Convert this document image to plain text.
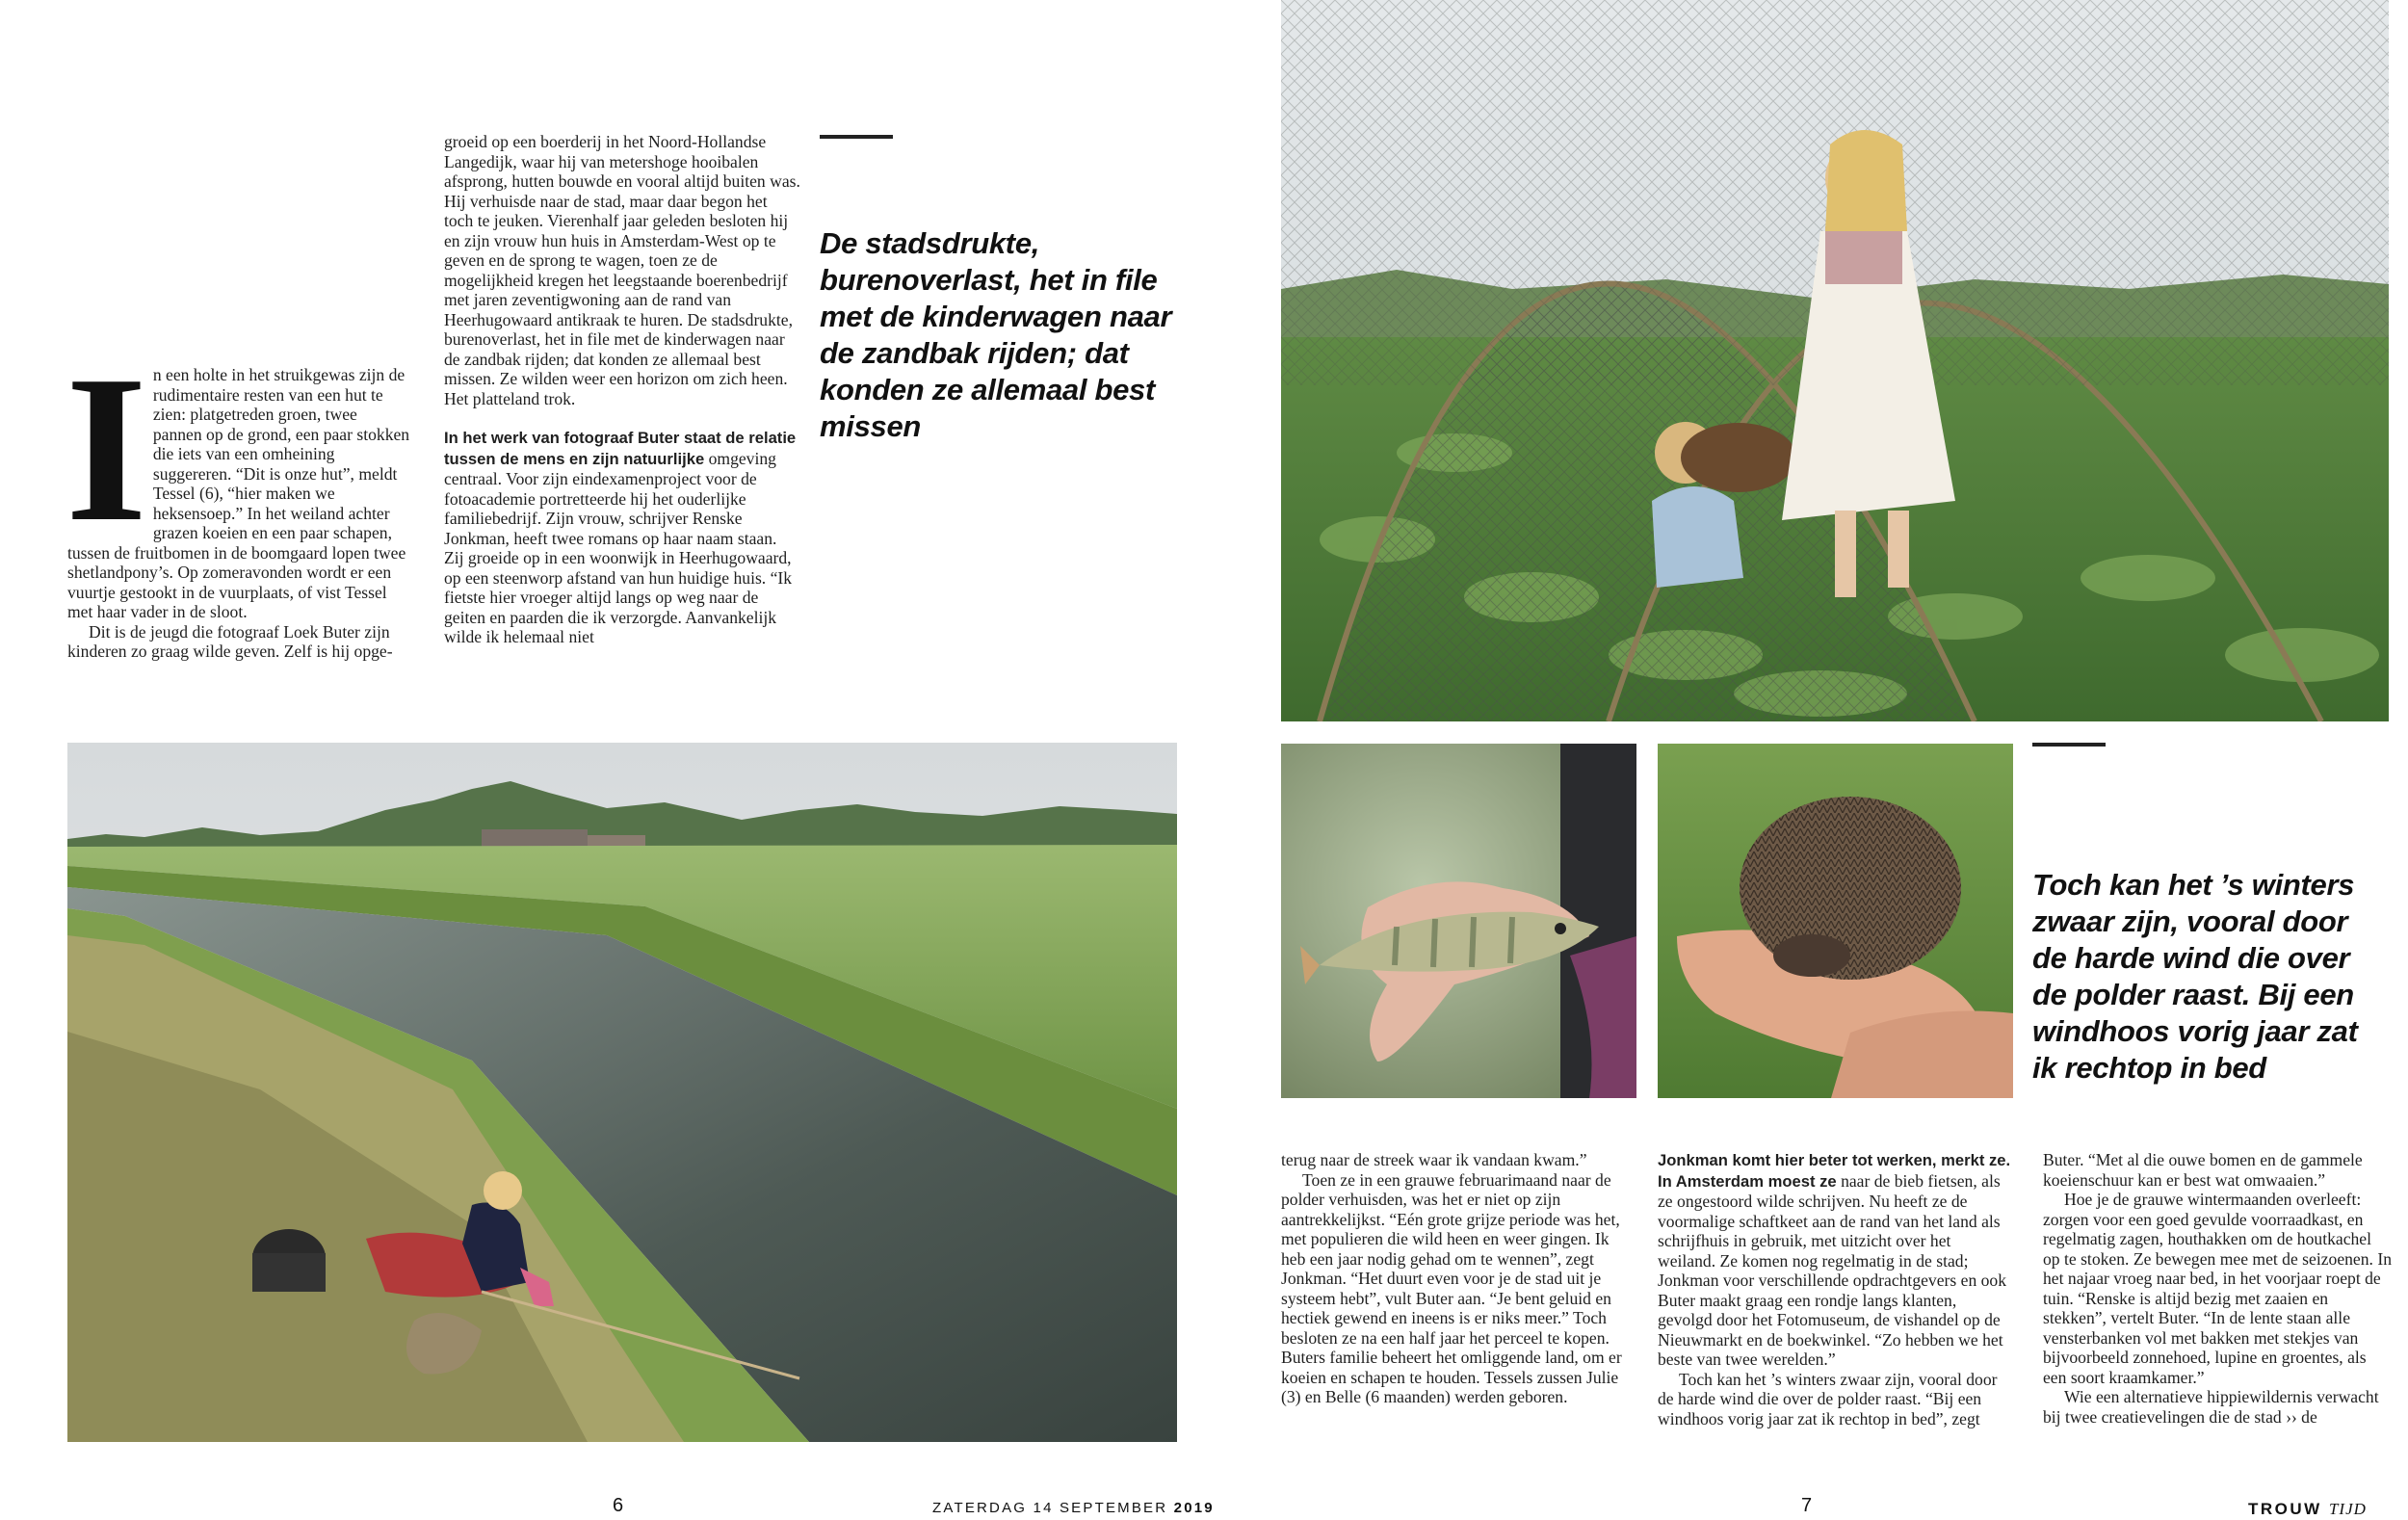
I n een holte in het struikgewas zijn de rudimentaire resten van een hut te zien: platgetreden groen, twee pannen op de grond, een paar stokken die iets van een omheining suggereren. “Dit is onze hut”, meldt Tessel (6), “hier maken we heksensoep.” In het weiland achter grazen koeien en een paar schapen, tussen de fruitbomen in de boomgaard lopen twee shetlandpony’s. Op zomeravonden wordt er een vuurtje gestookt in de vuurplaats, of vist Tessel met haar vader in de sloot.

Dit is de jeugd die fotograaf Loek Buter zijn kinderen zo graag wilde geven. Zelf is hij opge-

groeid op een boerderij in het Noord-Hollandse Langedijk, waar hij van metershoge hooibalen afsprong, hutten bouwde en vooral altijd buiten was. Hij verhuisde naar de stad, maar daar begon het toch te jeuken. Vierenhalf jaar geleden besloten hij en zijn vrouw hun huis in Amsterdam-West op te geven en de sprong te wagen, toen ze de mogelijkheid kregen het leegstaande boerenbedrijf met jaren zeventigwoning aan de rand van Heerhugowaard antikraak te huren. De stadsdrukte, burenoverlast, het in file met de kinderwagen naar de zandbak rijden; dat konden ze allemaal best missen. Ze wilden weer een horizon om zich heen. Het platteland trok.

In het werk van fotograaf Buter staat de relatie tussen de mens en zijn natuurlijke omgeving centraal. Voor zijn eindexamenproject voor de fotoacademie portretteerde hij het ouderlijke familiebedrijf. Zijn vrouw, schrijver Renske Jonkman, heeft twee romans op haar naam staan. Zij groeide op in een woonwijk in Heerhugowaard, op een steenworp afstand van hun huidige huis. “Ik fietste hier vroeger altijd langs op weg naar de geiten en paarden die ik verzorgde. Aanvankelijk wilde ik helemaal niet

De stadsdrukte, burenoverlast, het in file met de kinderwagen naar de zandbak rijden; dat konden ze allemaal best missen
6	ZATERDAG 14 SEPTEMBER 2019
Toch kan het ’s winters zwaar zijn, vooral door de harde wind die over de polder raast. Bij een windhoos vorig jaar zat ik rechtop in bed

terug naar de streek waar ik vandaan kwam.”

Toen ze in een grauwe februarimaand naar de polder verhuisden, was het er niet op zijn aantrekkelijkst. “Eén grote grijze periode was het, met populieren die wild heen en weer gingen. Ik heb een jaar nodig gehad om te wennen”, zegt Jonkman. “Het duurt even voor je de stad uit je systeem hebt”, vult Buter aan. “Je bent geluid en hectiek gewend en ineens is er niks meer.” Toch besloten ze na een half jaar het perceel te kopen. Buters familie beheert het omliggende land, om er koeien en schapen te houden. Tessels zussen Julie (3) en Belle (6 maanden) werden geboren.

Jonkman komt hier beter tot werken, merkt ze. In Amsterdam moest ze naar de bieb fietsen, als ze ongestoord wilde schrijven. Nu heeft ze de voormalige schaftkeet aan de rand van het land als schrijfhuis in gebruik, met uitzicht over het weiland. Ze komen nog regelmatig in de stad; Jonkman voor verschillende opdrachtgevers en ook Buter maakt graag een rondje langs klanten, gevolgd door het Fotomuseum, de vishandel op de Nieuwmarkt en de boekwinkel. “Zo hebben we het beste van twee werelden.”

Toch kan het ’s winters zwaar zijn, vooral door de harde wind die over de polder raast. “Bij een windhoos vorig jaar zat ik rechtop in bed”, zegt

Buter. “Met al die ouwe bomen en de gammele koeienschuur kan er best wat omwaaien.”

Hoe je de grauwe wintermaanden overleeft: zorgen voor een goed gevulde voorraadkast, en regelmatig zagen, houthakken om de houtkachel op te stoken. Ze bewegen mee met de seizoenen. In het najaar vroeg naar bed, in het voorjaar roept de tuin. “Renske is altijd bezig met zaaien en stekken”, vertelt Buter. “In de lente staan alle vensterbanken vol met bakken met stekjes van bijvoorbeeld zonnehoed, lupine en groentes, als een soort kraamkamer.”

Wie een alternatieve hippiewildernis verwacht bij twee creatievelingen die de stad ›› de

7	TROUW TIJD
